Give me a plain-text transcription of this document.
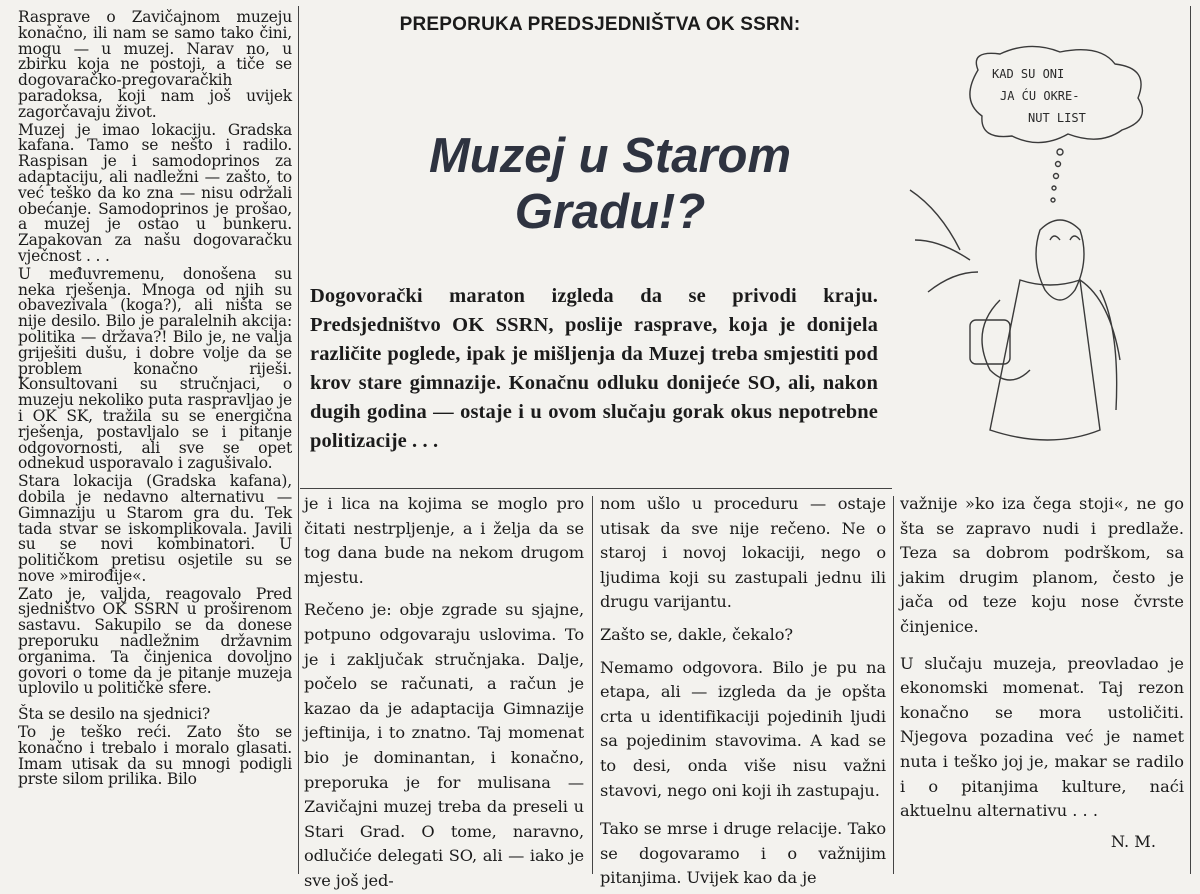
Rasprave o Zavičajnom muzeju konačno, ili nam se samo tako čini, mogu — u muzej. Narav no, u zbirku koja ne postoji, a tiče se dogovaračko-pregovaračkih paradoksa, koji nam još uvijek zagorčavaju život.

Muzej je imao lokaciju. Gradska kafana. Tamo se nešto i radilo. Raspisan je i samodoprinos za adaptaciju, ali nadležni — zašto, to već teško da ko zna — nisu održali obećanje. Samodoprinos je prošao, a muzej je ostao u bunkeru. Zapakovan za našu dogovaračku vječnost . . .

U međuvremenu, donošena su neka rješenja. Mnoga od njih su obavezivala (koga?), ali ništa se nije desilo. Bilo je paralelnih akcija: politika — država?! Bilo je, ne valja griješiti dušu, i dobre volje da se problem konačno riješi. Konsultovani su stručnjaci, o muzeju nekoliko puta raspravljao je i OK SK, tražila su se energična rješenja, postavljalo se i pitanje odgovornosti, ali sve se opet odnekud usporavalo i zagušivalo.

Stara lokacija (Gradska kafana), dobila je nedavno alternativu — Gimnaziju u Starom gra du. Tek tada stvar se iskomplikovala. Javili su se novi kombinatori. U političkom pretisu osjetile su se nove »mirođije«.

Zato je, valjda, reagovalo Pred sjedništvo OK SSRN u proširenom sastavu. Sakupilo se da donese preporuku nadležnim državnim organima. Ta činjenica dovoljno govori o tome da je pitanje muzeja uplovilo u političke sfere.

Šta se desilo na sjednici?

To je teško reći. Zato što se konačno i trebalo i moralo glasati. Imam utisak da su mnogi podigli prste silom prilika. Bilo

PREPORUKA PREDSJEDNIŠTVA OK SSRN:
Muzej u Starom Gradu!?
Dogovorački maraton izgleda da se privodi kraju. Predsjedništvo OK SSRN, poslije rasprave, koja je donijela različite poglede, ipak je mišljenja da Muzej treba smjestiti pod krov stare gimnazije. Konačnu odluku donijeće SO, ali, nakon dugih godina — ostaje i u ovom slučaju gorak okus nepotrebne politizacije . . .
KAD SU ONI
JA ĆU OKRE-
NUT LIST

je i lica na kojima se moglo pro čitati nestrpljenje, a i želja da se tog dana bude na nekom drugom mjestu.

Rečeno je: obje zgrade su sjajne, potpuno odgovaraju uslovima. To je i zaključak stručnjaka. Dalje, počelo se računati, a račun je kazao da je adaptacija Gimnazije jeftinija, i to znatno. Taj momenat bio je dominantan, i konačno, preporuka je for mulisana — Zavičajni muzej treba da preseli u Stari Grad. O tome, naravno, odlučiće delegati SO, ali — iako je sve još jed-

nom ušlo u proceduru — ostaje utisak da sve nije rečeno. Ne o staroj i novoj lokaciji, nego o ljudima koji su zastupali jednu ili drugu varijantu.

Zašto se, dakle, čekalo?

Nemamo odgovora. Bilo je pu na etapa, ali — izgleda da je opšta crta u identifikaciji pojedinih ljudi sa pojedinim stavovima. A kad se to desi, onda više nisu važni stavovi, nego oni koji ih zastupaju.

Tako se mrse i druge relacije. Tako se dogovaramo i o važnijim pitanjima. Uvijek kao da je

važnije »ko iza čega stoji«, ne go šta se zapravo nudi i predlaže. Teza sa dobrom podrškom, sa jakim drugim planom, često je jača od teze koju nose čvrste činjenice.

U slučaju muzeja, preovladao je ekonomski momenat. Taj rezon konačno se mora ustoličiti. Njegova pozadina već je namet nuta i teško joj je, makar se radilo i o pitanjima kulture, naći aktuelnu alternativu . . .

N. M.
